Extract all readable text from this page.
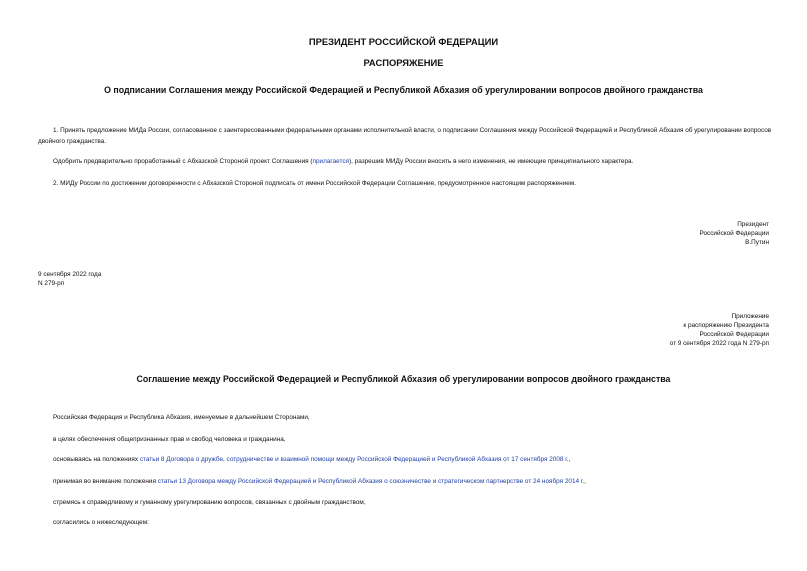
ПРЕЗИДЕНТ РОССИЙСКОЙ ФЕДЕРАЦИИ
РАСПОРЯЖЕНИЕ
О подписании Соглашения между Российской Федерацией и Республикой Абхазия об урегулировании вопросов двойного гражданства
1. Принять предложение МИДа России, согласованное с заинтересованными федеральными органами исполнительной власти, о подписании Соглашения между Российской Федерацией и Республикой Абхазия об урегулировании вопросов двойного гражданства.
Одобрить предварительно проработанный с Абхазской Стороной проект Соглашения (прилагается), разрешив МИДу России вносить в него изменения, не имеющие принципиального характера.
2. МИДу России по достижении договоренности с Абхазской Стороной подписать от имени Российской Федерации Соглашение, предусмотренное настоящим распоряжением.
Президент
Российской Федерации
В.Путин
9 сентября 2022 года
N 279-рп
Приложение
к распоряжению Президента
Российской Федерации
от 9 сентября 2022 года N 279-рп
Соглашение между Российской Федерацией и Республикой Абхазия об урегулировании вопросов двойного гражданства
Российская Федерация и Республика Абхазия, именуемые в дальнейшем Сторонами,
в целях обеспечения общепризнанных прав и свобод человека и гражданина,
основываясь на положениях статьи 8 Договора о дружбе, сотрудничестве и взаимной помощи между Российской Федерацией и Республикой Абхазия от 17 сентября 2008 г.,
принимая во внимание положения статьи 13 Договора между Российской Федерацией и Республикой Абхазия о союзничестве и стратегическом партнерстве от 24 ноября 2014 г.,
стремясь к справедливому и гуманному урегулированию вопросов, связанных с двойным гражданством,
согласились о нижеследующем:
